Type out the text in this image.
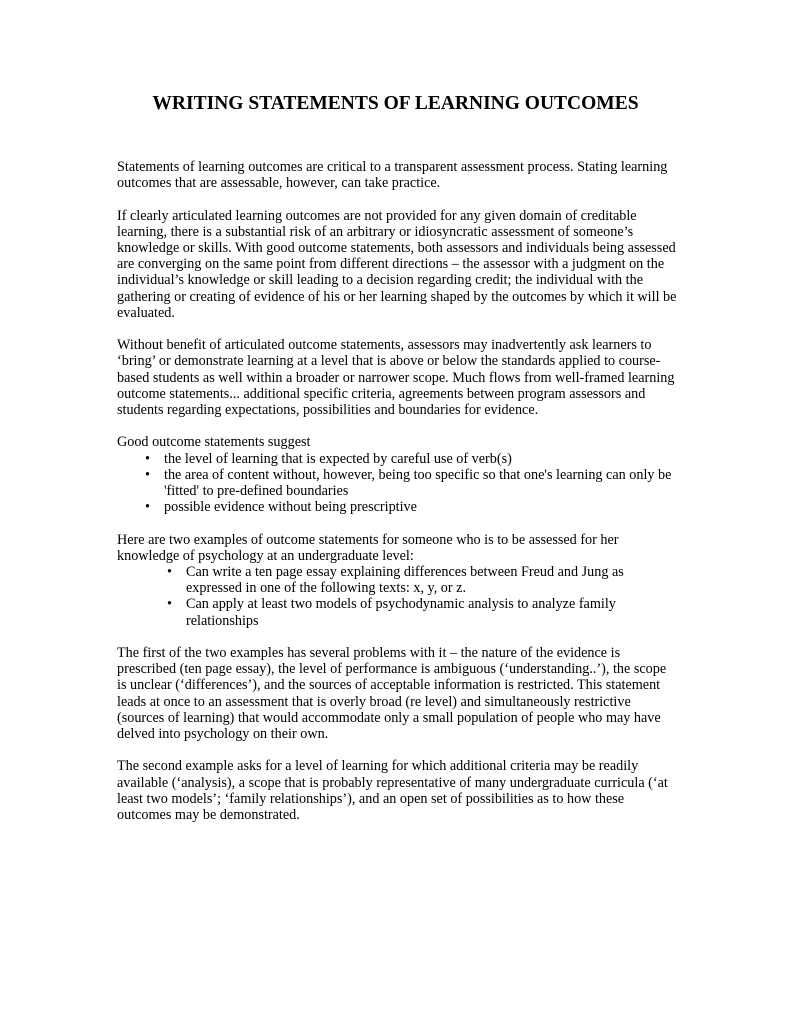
WRITING STATEMENTS OF LEARNING OUTCOMES

Statements of learning outcomes are critical to a transparent assessment process. Stating learning outcomes that are assessable, however, can take practice.

If clearly articulated learning outcomes are not provided for any given domain of creditable learning, there is a substantial risk of an arbitrary or idiosyncratic assessment of someone’s knowledge or skills. With good outcome statements, both assessors and individuals being assessed are converging on the same point from different directions – the assessor with a judgment on the individual’s knowledge or skill leading to a decision regarding credit; the individual with the gathering or creating of evidence of his or her learning shaped by the outcomes by which it will be evaluated.

Without benefit of articulated outcome statements, assessors may inadvertently ask learners to ‘bring’ or demonstrate learning at a level that is above or below the standards applied to course-based students as well within a broader or narrower scope. Much flows from well-framed learning outcome statements... additional specific criteria, agreements between program assessors and students regarding expectations, possibilities and boundaries for evidence.

Good outcome statements suggest

• the level of learning that is expected by careful use of verb(s)
• the area of content without, however, being too specific so that one's learning can only be 'fitted' to pre-defined boundaries
• possible evidence without being prescriptive

Here are two examples of outcome statements for someone who is to be assessed for her knowledge of psychology at an undergraduate level:

• Can write a ten page essay explaining differences between Freud and Jung as expressed in one of the following texts: x, y, or z.
• Can apply at least two models of psychodynamic analysis to analyze family relationships

The first of the two examples has several problems with it – the nature of the evidence is prescribed (ten page essay), the level of performance is ambiguous (‘understanding..’), the scope is unclear (‘differences’), and the sources of acceptable information is restricted. This statement leads at once to an assessment that is overly broad (re level) and simultaneously restrictive (sources of learning) that would accommodate only a small population of people who may have delved into psychology on their own.

The second example asks for a level of learning for which additional criteria may be readily available (‘analysis), a scope that is probably representative of many undergraduate curricula (‘at least two models’; ‘family relationships’), and an open set of possibilities as to how these outcomes may be demonstrated.
